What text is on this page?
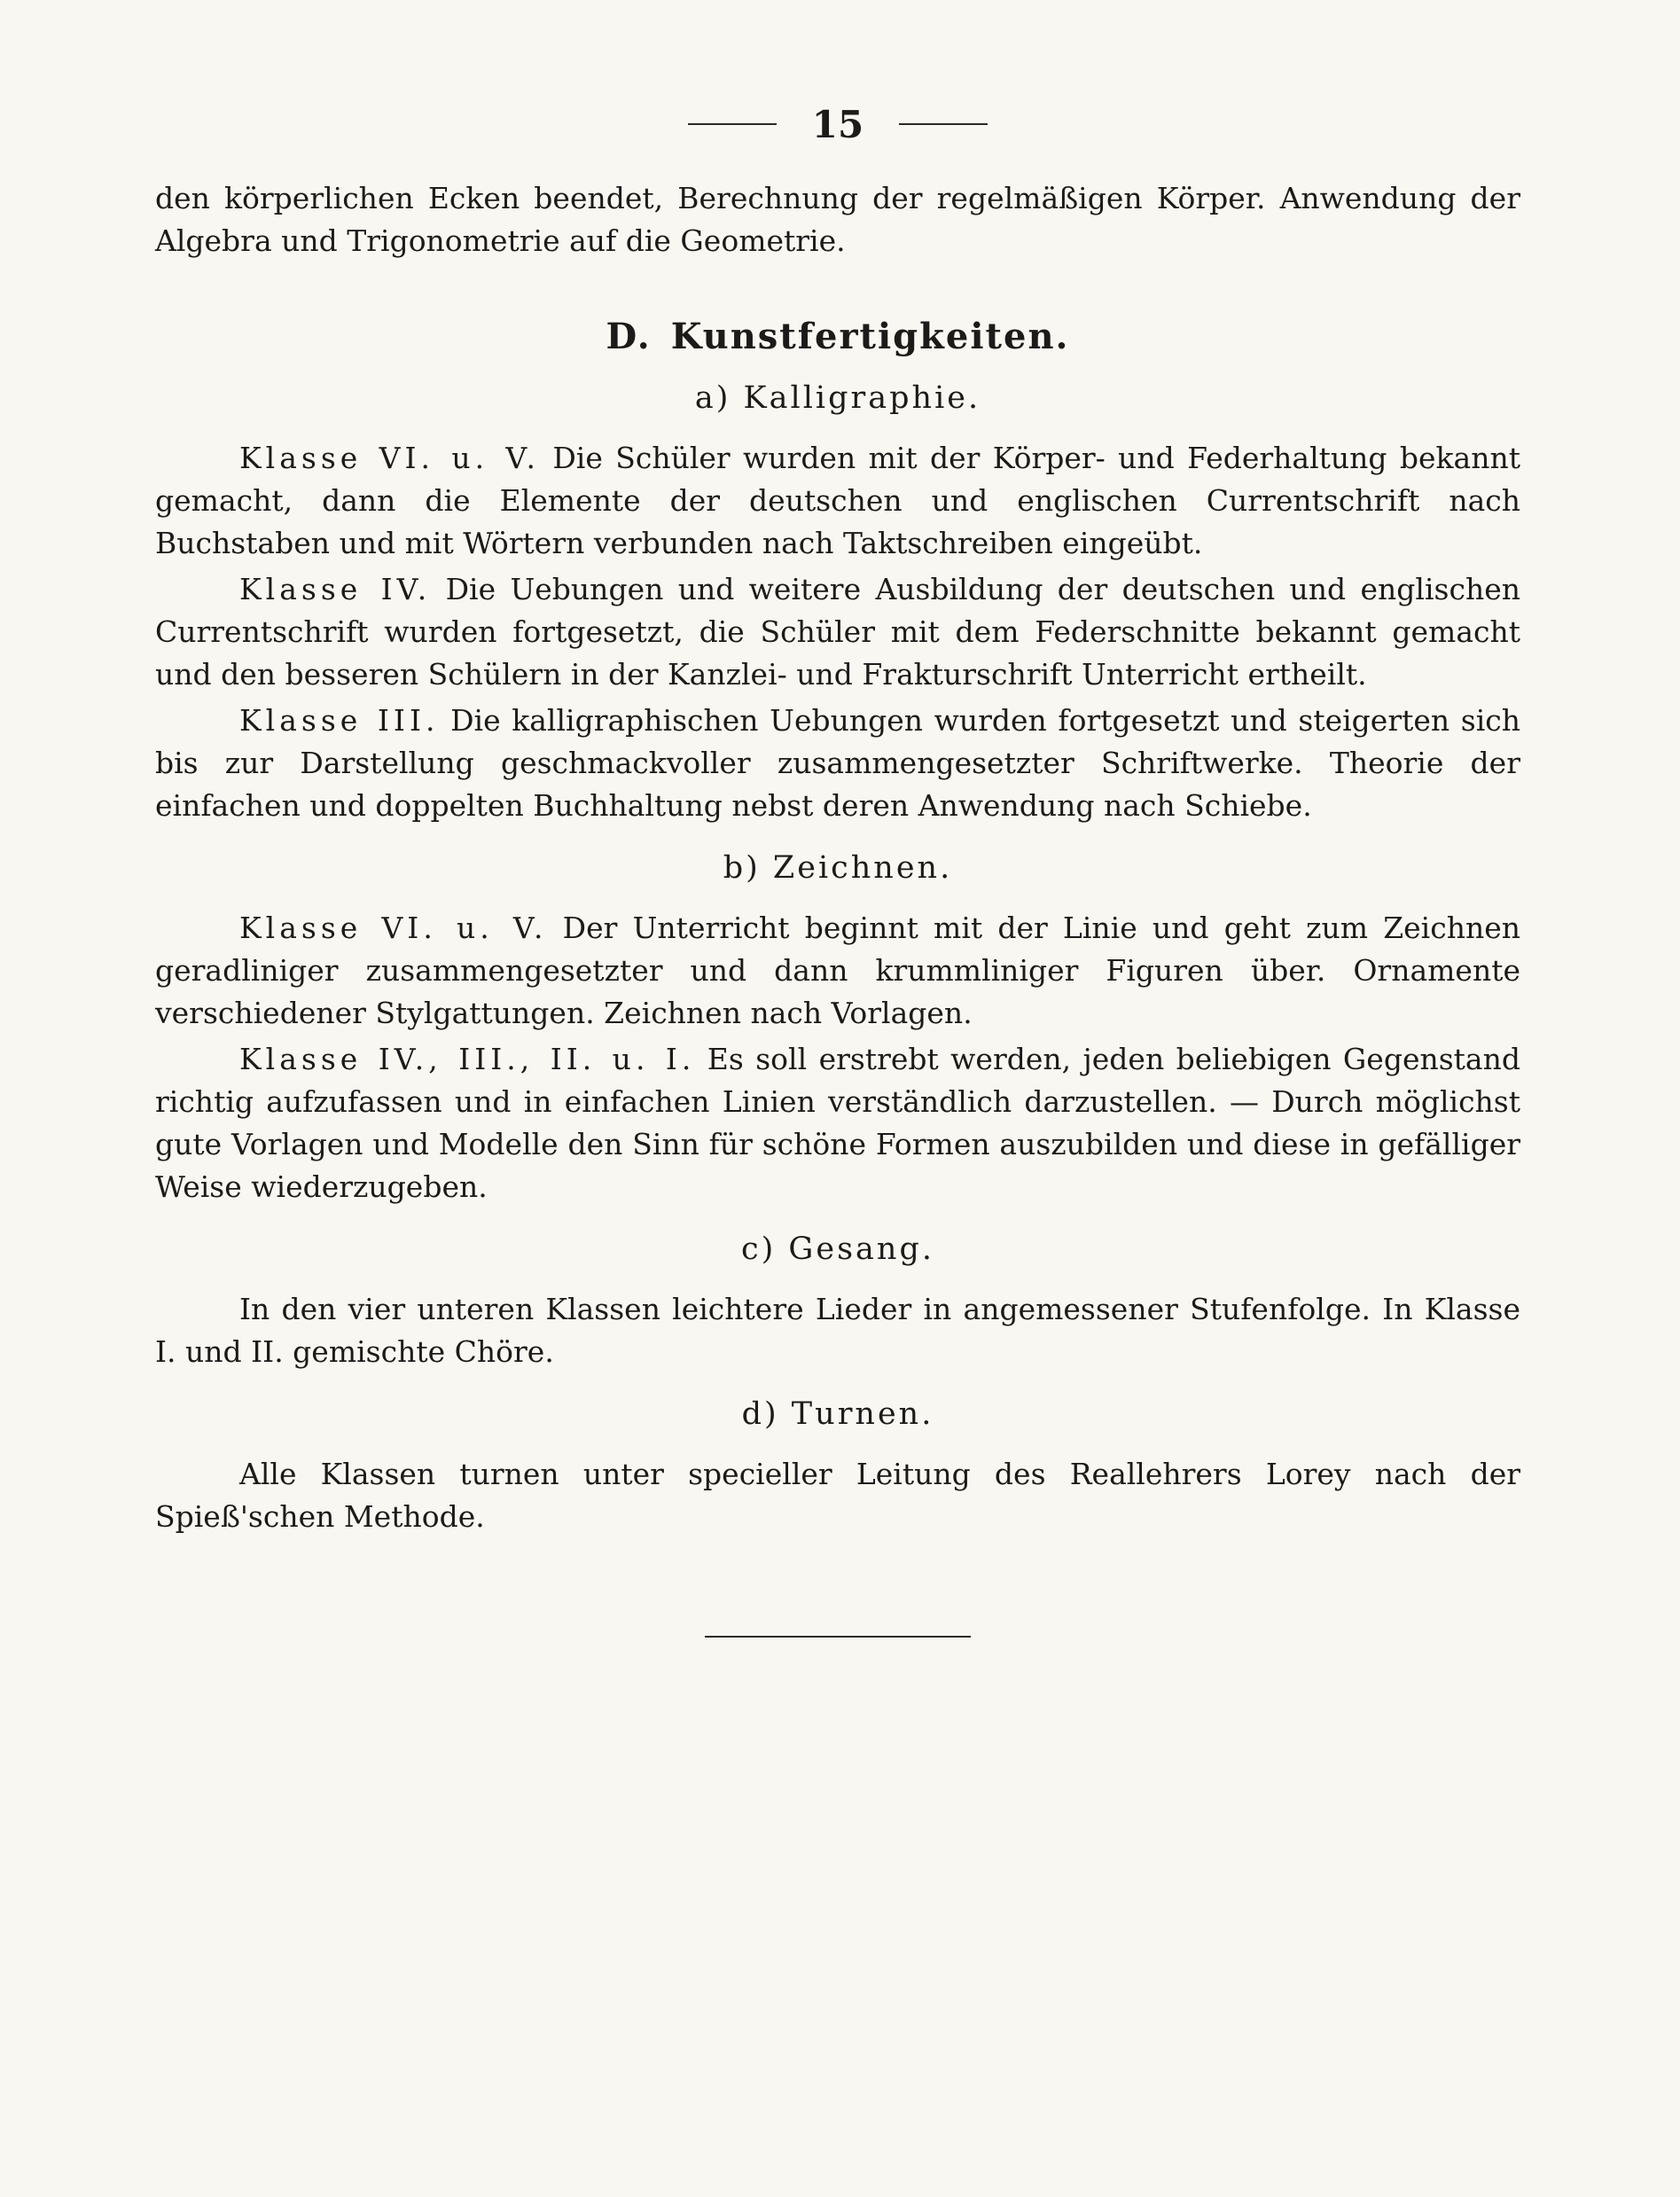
15

den körperlichen Ecken beendet, Berechnung der regelmäßigen Körper. Anwendung der Algebra und Trigonometrie auf die Geometrie.

D. Kunstfertigkeiten.
a) Kalligraphie.

Klasse VI. u. V. Die Schüler wurden mit der Körper- und Federhaltung bekannt gemacht, dann die Elemente der deutschen und englischen Currentschrift nach Buchstaben und mit Wörtern verbunden nach Taktschreiben eingeübt.

Klasse IV. Die Uebungen und weitere Ausbildung der deutschen und englischen Currentschrift wurden fortgesetzt, die Schüler mit dem Federschnitte bekannt gemacht und den besseren Schülern in der Kanzlei- und Frakturschrift Unterricht ertheilt.

Klasse III. Die kalligraphischen Uebungen wurden fortgesetzt und steigerten sich bis zur Darstellung geschmackvoller zusammengesetzter Schriftwerke. Theorie der einfachen und doppelten Buchhaltung nebst deren Anwendung nach Schiebe.

b) Zeichnen.

Klasse VI. u. V. Der Unterricht beginnt mit der Linie und geht zum Zeichnen geradliniger zusammengesetzter und dann krummliniger Figuren über. Ornamente verschiedener Stylgattungen. Zeichnen nach Vorlagen.

Klasse IV., III., II. u. I. Es soll erstrebt werden, jeden beliebigen Gegenstand richtig aufzufassen und in einfachen Linien verständlich darzustellen. — Durch möglichst gute Vorlagen und Modelle den Sinn für schöne Formen auszubilden und diese in gefälliger Weise wiederzugeben.

c) Gesang.

In den vier unteren Klassen leichtere Lieder in angemessener Stufenfolge. In Klasse I. und II. gemischte Chöre.

d) Turnen.

Alle Klassen turnen unter specieller Leitung des Reallehrers Lorey nach der Spieß'schen Methode.
